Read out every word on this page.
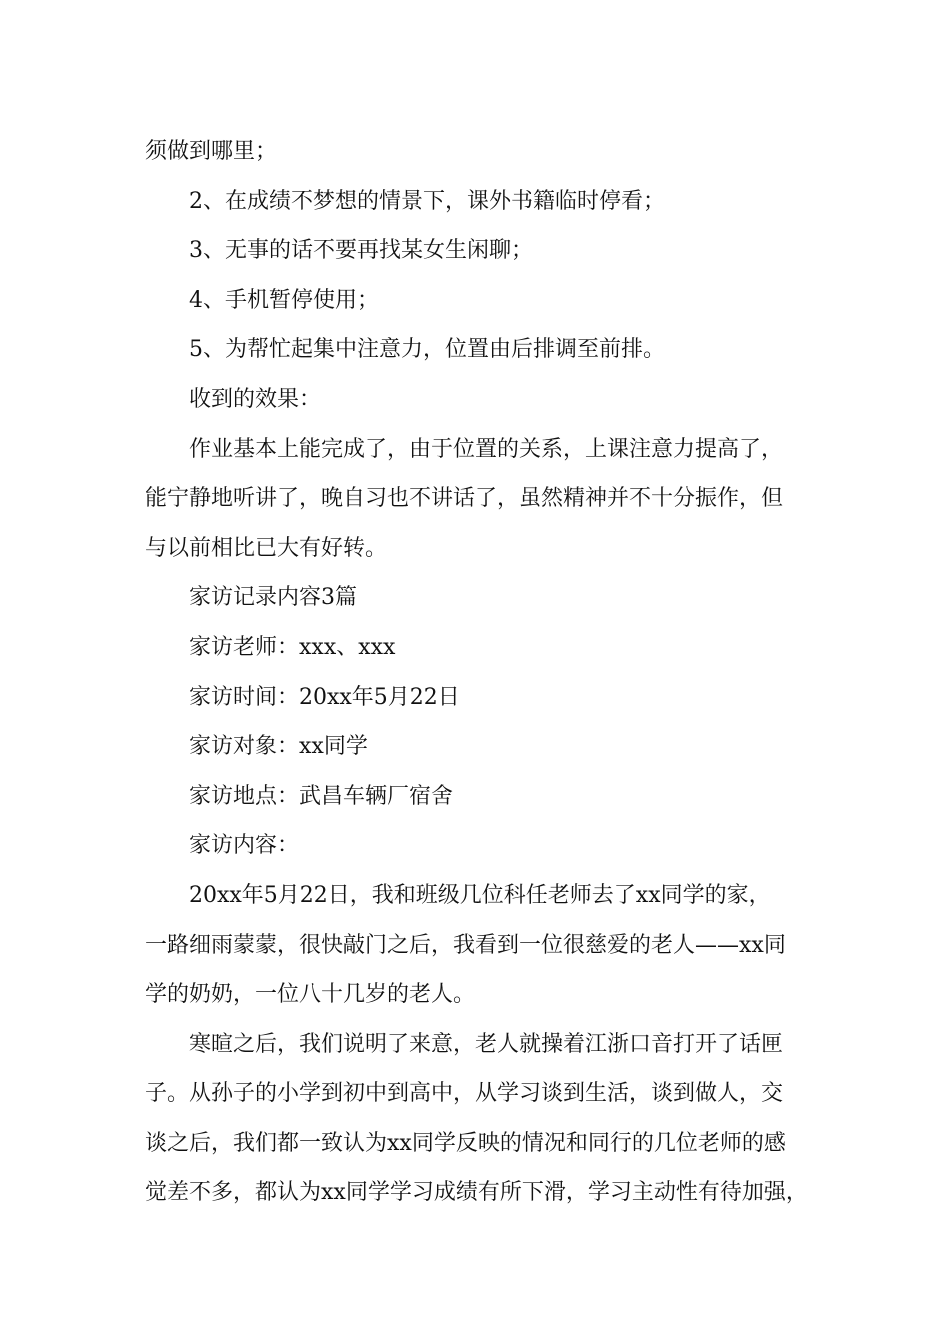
须做到哪里；
2、在成绩不梦想的情景下，课外书籍临时停看；
3、无事的话不要再找某女生闲聊；
4、手机暂停使用；
5、为帮忙起集中注意力，位置由后排调至前排。
收到的效果：
作业基本上能完成了，由于位置的关系，上课注意力提高了，
能宁静地听讲了，晚自习也不讲话了，虽然精神并不十分振作，但
与以前相比已大有好转。
家访记录内容3篇
家访老师：xxx、xxx
家访时间：20xx年5月22日
家访对象：xx同学
家访地点：武昌车辆厂宿舍
家访内容：
20xx年5月22日，我和班级几位科任老师去了xx同学的家，
一路细雨蒙蒙，很快敲门之后，我看到一位很慈爱的老人——xx同
学的奶奶，一位八十几岁的老人。
寒暄之后，我们说明了来意，老人就操着江浙口音打开了话匣
子。从孙子的小学到初中到高中，从学习谈到生活，谈到做人，交
谈之后，我们都一致认为xx同学反映的情况和同行的几位老师的感
觉差不多，都认为xx同学学习成绩有所下滑，学习主动性有待加强，
